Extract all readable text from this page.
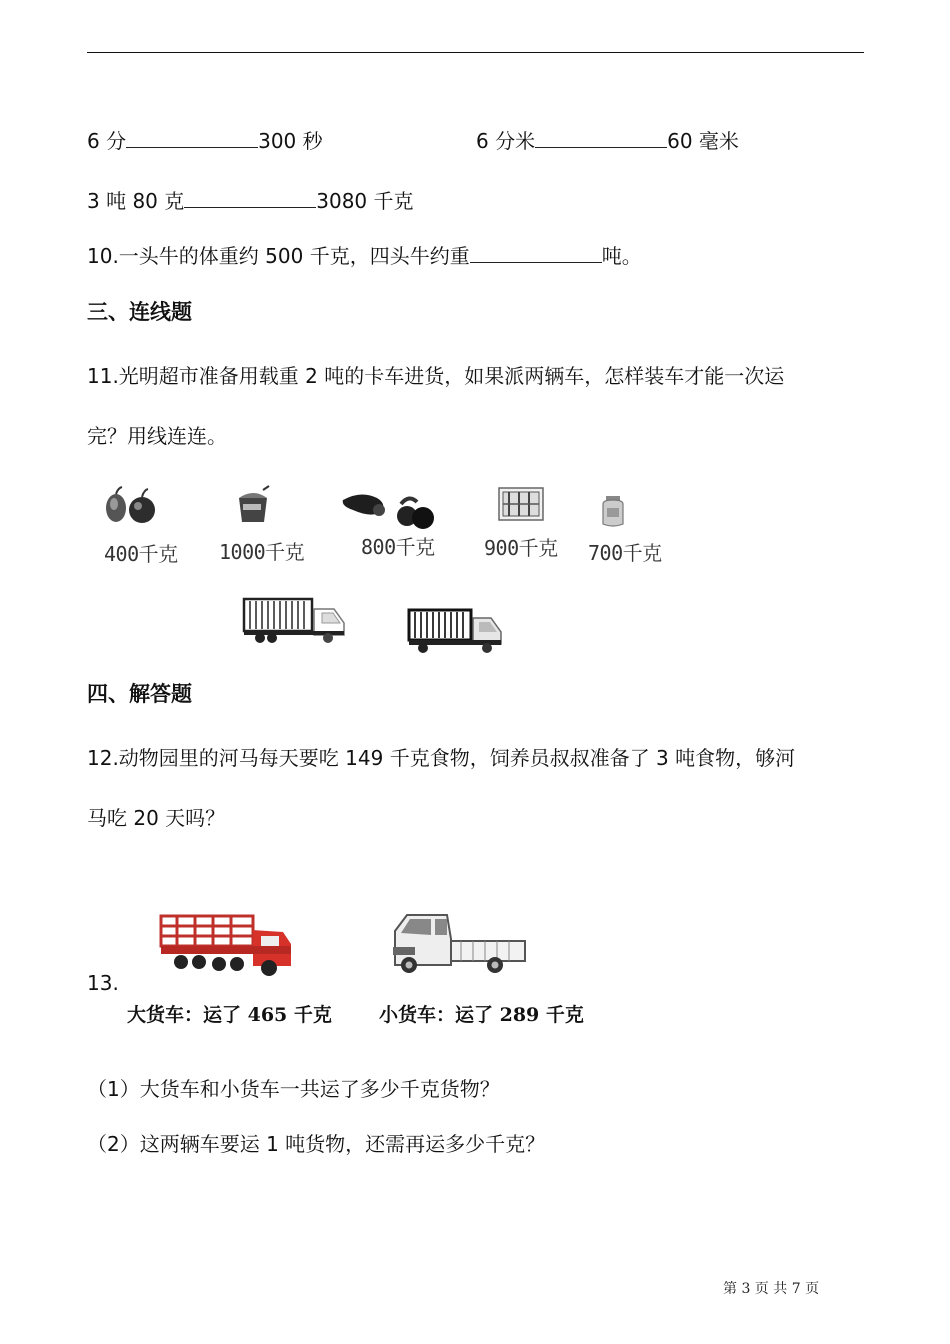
6 分	300 秒	6 分米	60 毫米
3 吨 80 克	3080 千克
10.一头牛的体重约 500 千克，四头牛约重	吨。
三、连线题
11.光明超市准备用载重 2 吨的卡车进货，如果派两辆车，怎样装车才能一次运
完？用线连连。
400千克 1000千克	800千克 900千克 700千克
四、解答题
12.动物园里的河马每天要吃 149 千克食物，饲养员叔叔准备了 3 吨食物，够河
马吃 20 天吗？
13.
大货车：运了 465 千克 小货车：运了 289 千克
（1）大货车和小货车一共运了多少千克货物？
（2）这两辆车要运 1 吨货物，还需再运多少千克？
第 3 页 共 7 页
